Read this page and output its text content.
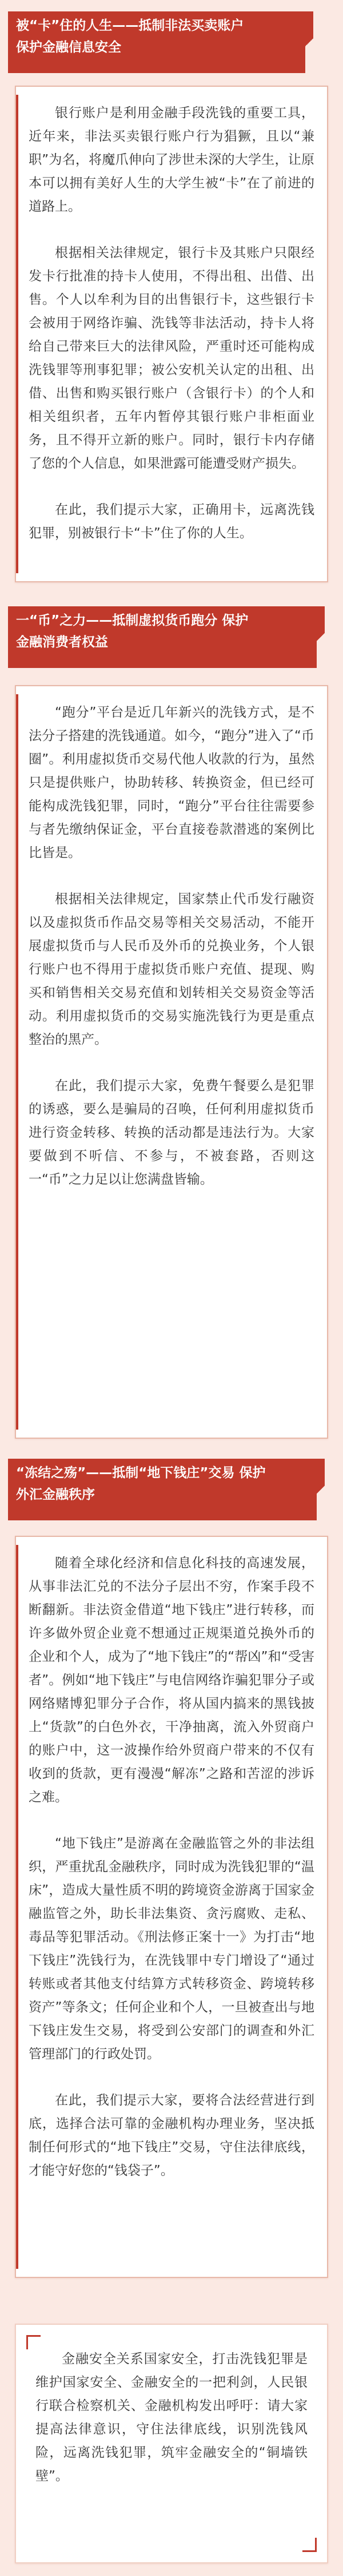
被“卡”住的人生——抵制非法买卖账户
保护金融信息安全

银行账户是利用金融手段洗钱的重要工具，近年来，非法买卖银行账户行为猖獗，且以“兼职”为名，将魔爪伸向了涉世未深的大学生，让原本可以拥有美好人生的大学生被“卡”在了前进的道路上。

根据相关法律规定，银行卡及其账户只限经发卡行批准的持卡人使用，不得出租、出借、出售。个人以牟利为目的出售银行卡，这些银行卡会被用于网络诈骗、洗钱等非法活动，持卡人将给自己带来巨大的法律风险，严重时还可能构成洗钱罪等刑事犯罪；被公安机关认定的出租、出借、出售和购买银行账户（含银行卡）的个人和相关组织者，五年内暂停其银行账户非柜面业务，且不得开立新的账户。同时，银行卡内存储了您的个人信息，如果泄露可能遭受财产损失。

在此，我们提示大家，正确用卡，远离洗钱犯罪，别被银行卡“卡”住了你的人生。

一“币”之力——抵制虚拟货币跑分 保护
金融消费者权益

“跑分”平台是近几年新兴的洗钱方式，是不法分子搭建的洗钱通道。如今，“跑分”进入了“币圈”。利用虚拟货币交易代他人收款的行为，虽然只是提供账户，协助转移、转换资金，但已经可能构成洗钱犯罪，同时，“跑分”平台往往需要参与者先缴纳保证金，平台直接卷款潜逃的案例比比皆是。

根据相关法律规定，国家禁止代币发行融资以及虚拟货币作品交易等相关交易活动，不能开展虚拟货币与人民币及外币的兑换业务，个人银行账户也不得用于虚拟货币账户充值、提现、购买和销售相关交易充值和划转相关交易资金等活动。利用虚拟货币的交易实施洗钱行为更是重点整治的黑产。

在此，我们提示大家，免费午餐要么是犯罪的诱惑，要么是骗局的召唤，任何利用虚拟货币进行资金转移、转换的活动都是违法行为。大家要做到不听信、不参与，不被套路，否则这一“币”之力足以让您满盘皆输。

“冻结之殇”——抵制“地下钱庄”交易 保护
外汇金融秩序

随着全球化经济和信息化科技的高速发展，从事非法汇兑的不法分子层出不穷，作案手段不断翻新。非法资金借道“地下钱庄”进行转移，而许多做外贸企业竟不想通过正规渠道兑换外币的企业和个人，成为了“地下钱庄”的“帮凶”和“受害者”。例如“地下钱庄”与电信网络诈骗犯罪分子或网络赌博犯罪分子合作，将从国内搞来的黑钱披上“货款”的白色外衣，干净抽离，流入外贸商户的账户中，这一波操作给外贸商户带来的不仅有收到的货款，更有漫漫“解冻”之路和苦涩的涉诉之难。

“地下钱庄”是游离在金融监管之外的非法组织，严重扰乱金融秩序，同时成为洗钱犯罪的“温床”，造成大量性质不明的跨境资金游离于国家金融监管之外，助长非法集资、贪污腐败、走私、毒品等犯罪活动。《刑法修正案十一》为打击“地下钱庄”洗钱行为，在洗钱罪中专门增设了“通过转账或者其他支付结算方式转移资金、跨境转移资产”等条文；任何企业和个人，一旦被查出与地下钱庄发生交易，将受到公安部门的调查和外汇管理部门的行政处罚。

在此，我们提示大家，要将合法经营进行到底，选择合法可靠的金融机构办理业务，坚决抵制任何形式的“地下钱庄”交易，守住法律底线，才能守好您的“钱袋子”。

金融安全关系国家安全，打击洗钱犯罪是维护国家安全、金融安全的一把利剑，人民银行联合检察机关、金融机构发出呼吁：请大家提高法律意识，守住法律底线，识别洗钱风险，远离洗钱犯罪，筑牢金融安全的“铜墙铁壁”。
